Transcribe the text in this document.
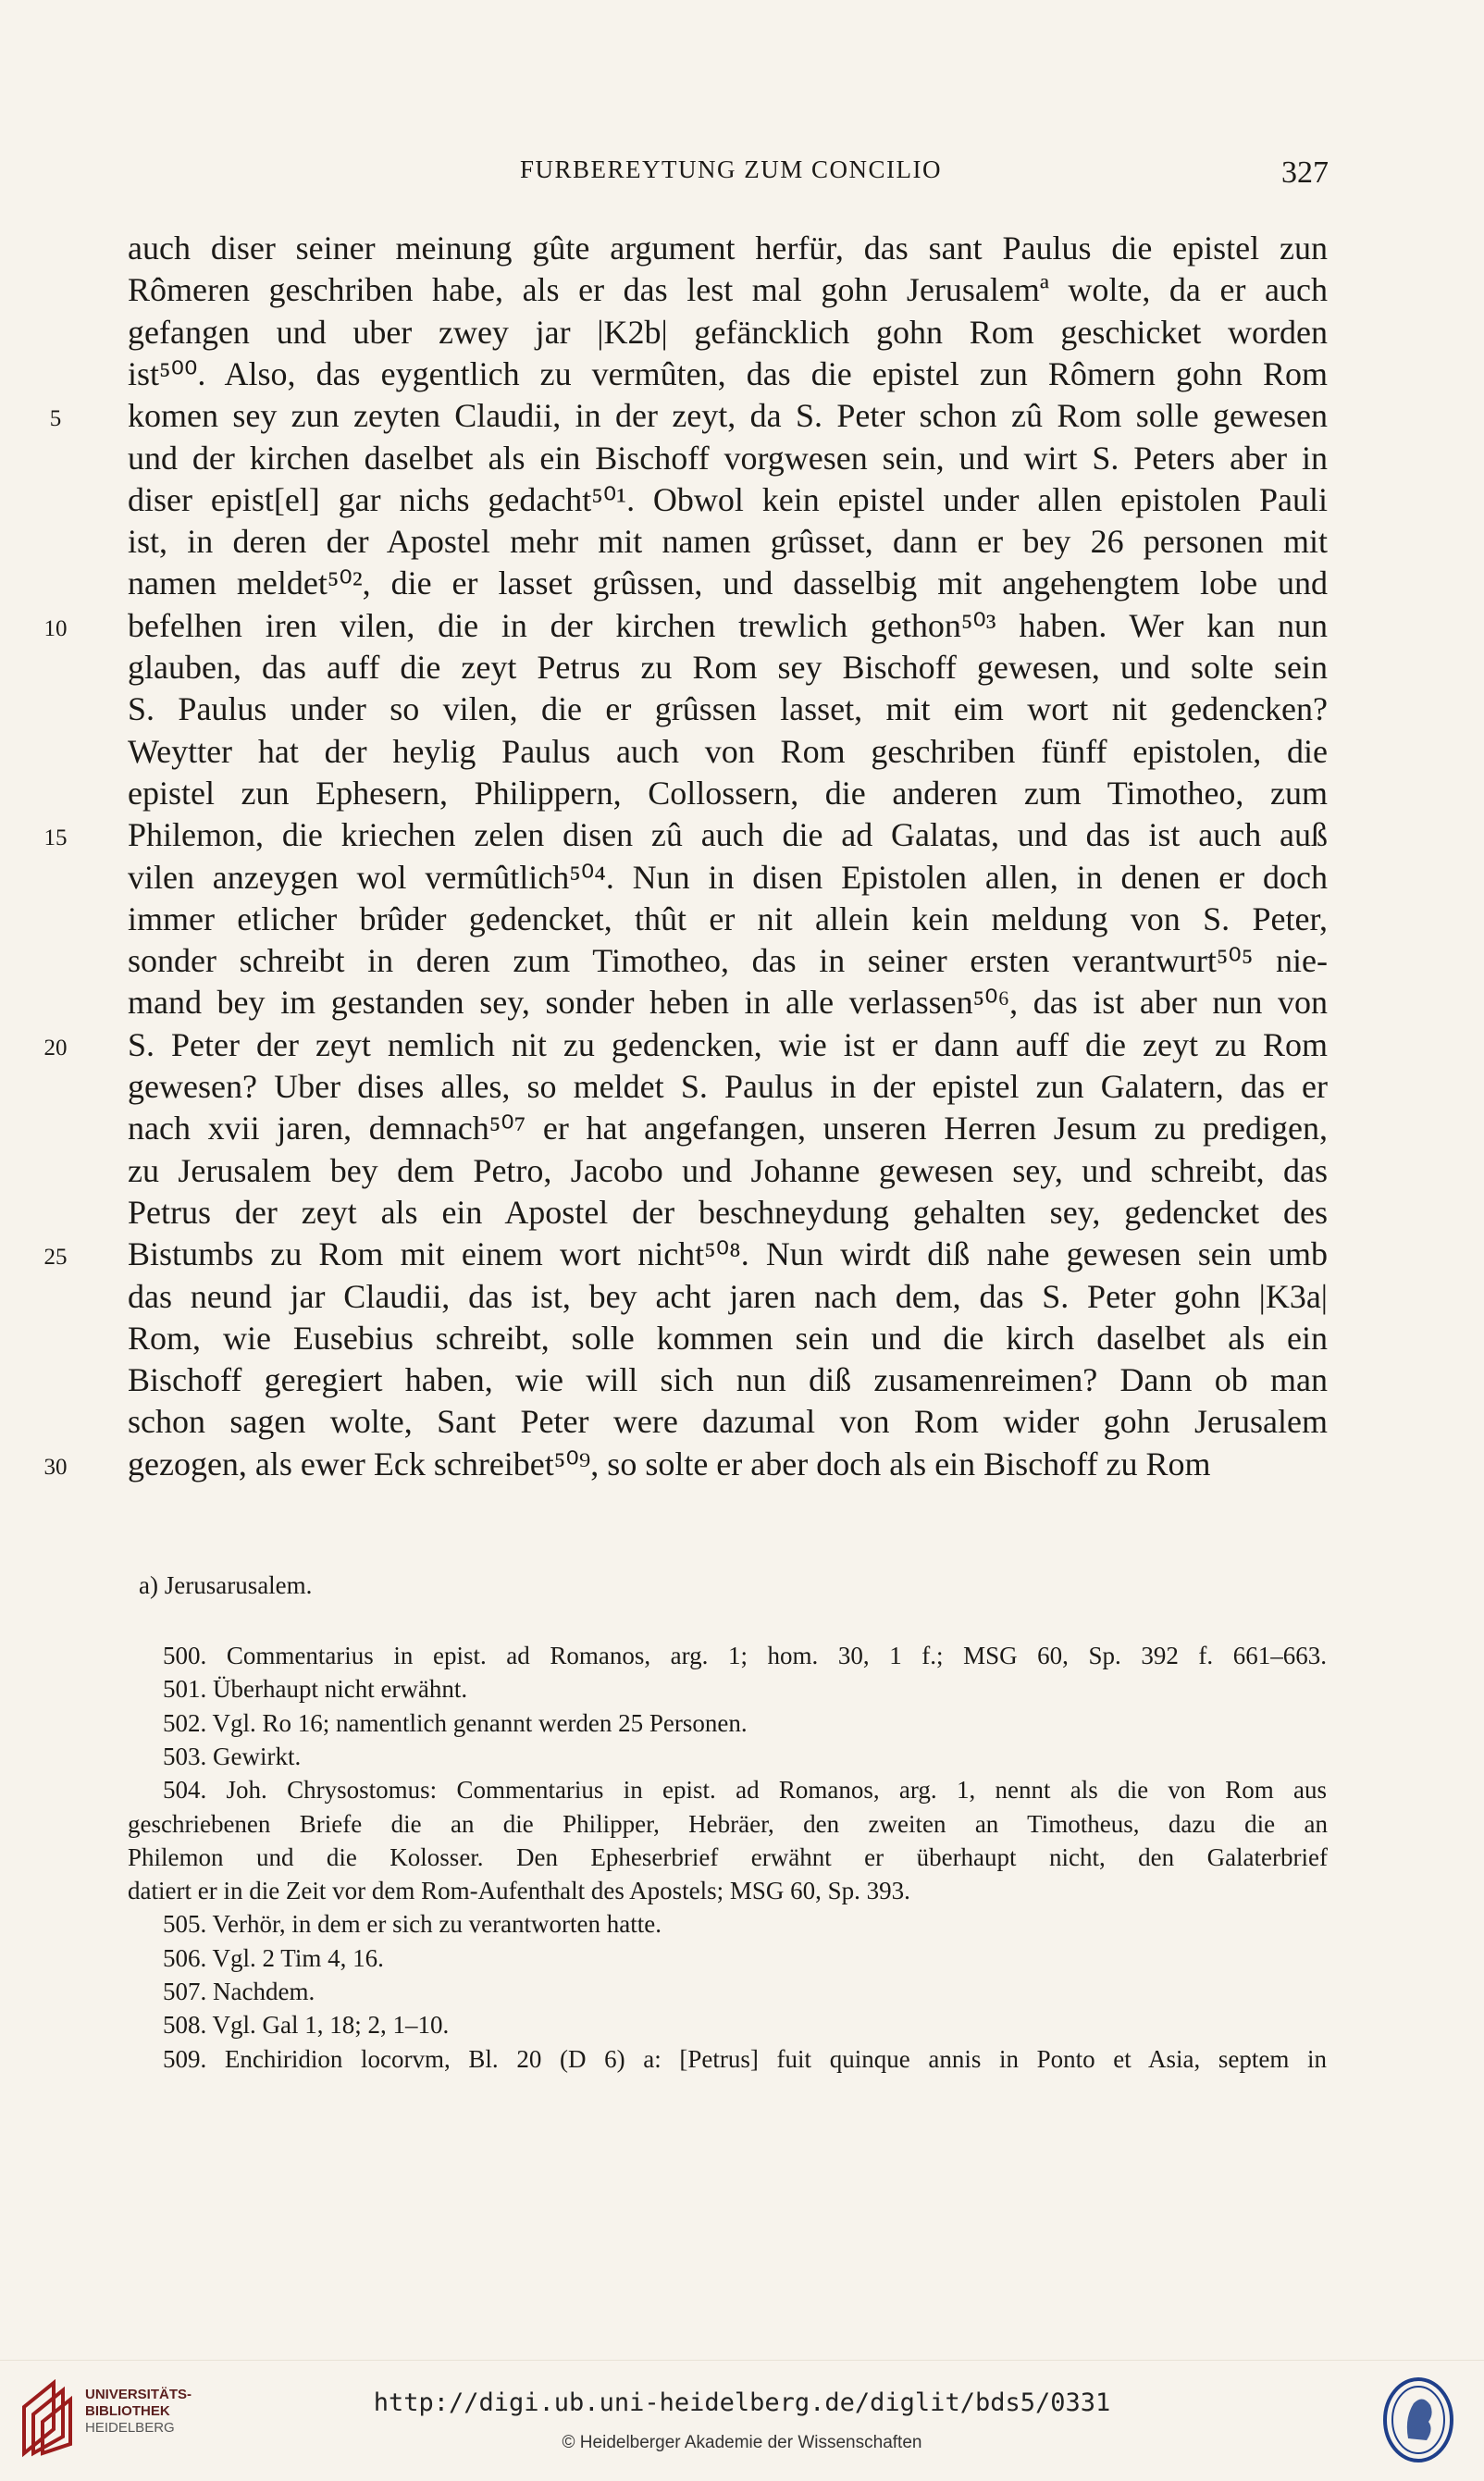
FURBEREYTUNG ZUM CONCILIO	327
auch diser seiner meinung gûte argument herfür, das sant Paulus die epistel zun
Rômeren geschriben habe, als er das lest mal gohn Jerusalemª wolte, da er auch
gefangen und uber zwey jar |K2b| gefäncklich gohn Rom geschicket worden
ist⁵⁰⁰. Also, das eygentlich zu vermûten, das die epistel zun Rômern gohn Rom
komen sey zun zeyten Claudii, in der zeyt, da S. Peter schon zû Rom solle gewesen
5
und der kirchen daselbet als ein Bischoff vorgwesen sein, und wirt S. Peters aber in
diser epist[el] gar nichs gedacht⁵⁰¹. Obwol kein epistel under allen epistolen Pauli
ist, in deren der Apostel mehr mit namen grûsset, dann er bey 26 personen mit
namen meldet⁵⁰², die er lasset grûssen, und dasselbig mit angehengtem lobe und
befelhen iren vilen, die in der kirchen trewlich gethon⁵⁰³ haben. Wer kan nun
10
glauben, das auff die zeyt Petrus zu Rom sey Bischoff gewesen, und solte sein
S. Paulus under so vilen, die er grûssen lasset, mit eim wort nit gedencken?
Weytter hat der heylig Paulus auch von Rom geschriben fünff epistolen, die
epistel zun Ephesern, Philippern, Collossern, die anderen zum Timotheo, zum
Philemon, die kriechen zelen disen zû auch die ad Galatas, und das ist auch auß
15
vilen anzeygen wol vermûtlich⁵⁰⁴. Nun in disen Epistolen allen, in denen er doch
immer etlicher brûder gedencket, thût er nit allein kein meldung von S. Peter,
sonder schreibt in deren zum Timotheo, das in seiner ersten verantwurt⁵⁰⁵ nie-
mand bey im gestanden sey, sonder heben in alle verlassen⁵⁰⁶, das ist aber nun von
S. Peter der zeyt nemlich nit zu gedencken, wie ist er dann auff die zeyt zu Rom
20
gewesen? Uber dises alles, so meldet S. Paulus in der epistel zun Galatern, das er
nach xvii jaren, demnach⁵⁰⁷ er hat angefangen, unseren Herren Jesum zu predigen,
zu Jerusalem bey dem Petro, Jacobo und Johanne gewesen sey, und schreibt, das
Petrus der zeyt als ein Apostel der beschneydung gehalten sey, gedencket des
Bistumbs zu Rom mit einem wort nicht⁵⁰⁸. Nun wirdt diß nahe gewesen sein umb
25
das neund jar Claudii, das ist, bey acht jaren nach dem, das S. Peter gohn |K3a|
Rom, wie Eusebius schreibt, solle kommen sein und die kirch daselbet als ein
Bischoff geregiert haben, wie will sich nun diß zusamenreimen? Dann ob man
schon sagen wolte, Sant Peter were dazumal von Rom wider gohn Jerusalem
gezogen, als ewer Eck schreibet⁵⁰⁹, so solte er aber doch als ein Bischoff zu Rom
30
a) Jerusarusalem.
500. Commentarius in epist. ad Romanos, arg. 1; hom. 30, 1 f.; MSG 60, Sp. 392 f. 661–663.
501. Überhaupt nicht erwähnt.
502. Vgl. Ro 16; namentlich genannt werden 25 Personen.
503. Gewirkt.
504. Joh. Chrysostomus: Commentarius in epist. ad Romanos, arg. 1, nennt als die von Rom aus
geschriebenen Briefe die an die Philipper, Hebräer, den zweiten an Timotheus, dazu die an
Philemon und die Kolosser. Den Epheserbrief erwähnt er überhaupt nicht, den Galaterbrief
datiert er in die Zeit vor dem Rom-Aufenthalt des Apostels; MSG 60, Sp. 393.
505. Verhör, in dem er sich zu verantworten hatte.
506. Vgl. 2 Tim 4, 16.
507. Nachdem.
508. Vgl. Gal 1, 18; 2, 1–10.
509. Enchiridion locorvm, Bl. 20 (D 6) a: [Petrus] fuit quinque annis in Ponto et Asia, septem in
UNIVERSITÄTS-
BIBLIOTHEK
HEIDELBERG
http://digi.ub.uni-heidelberg.de/diglit/bds5/0331
© Heidelberger Akademie der Wissenschaften
